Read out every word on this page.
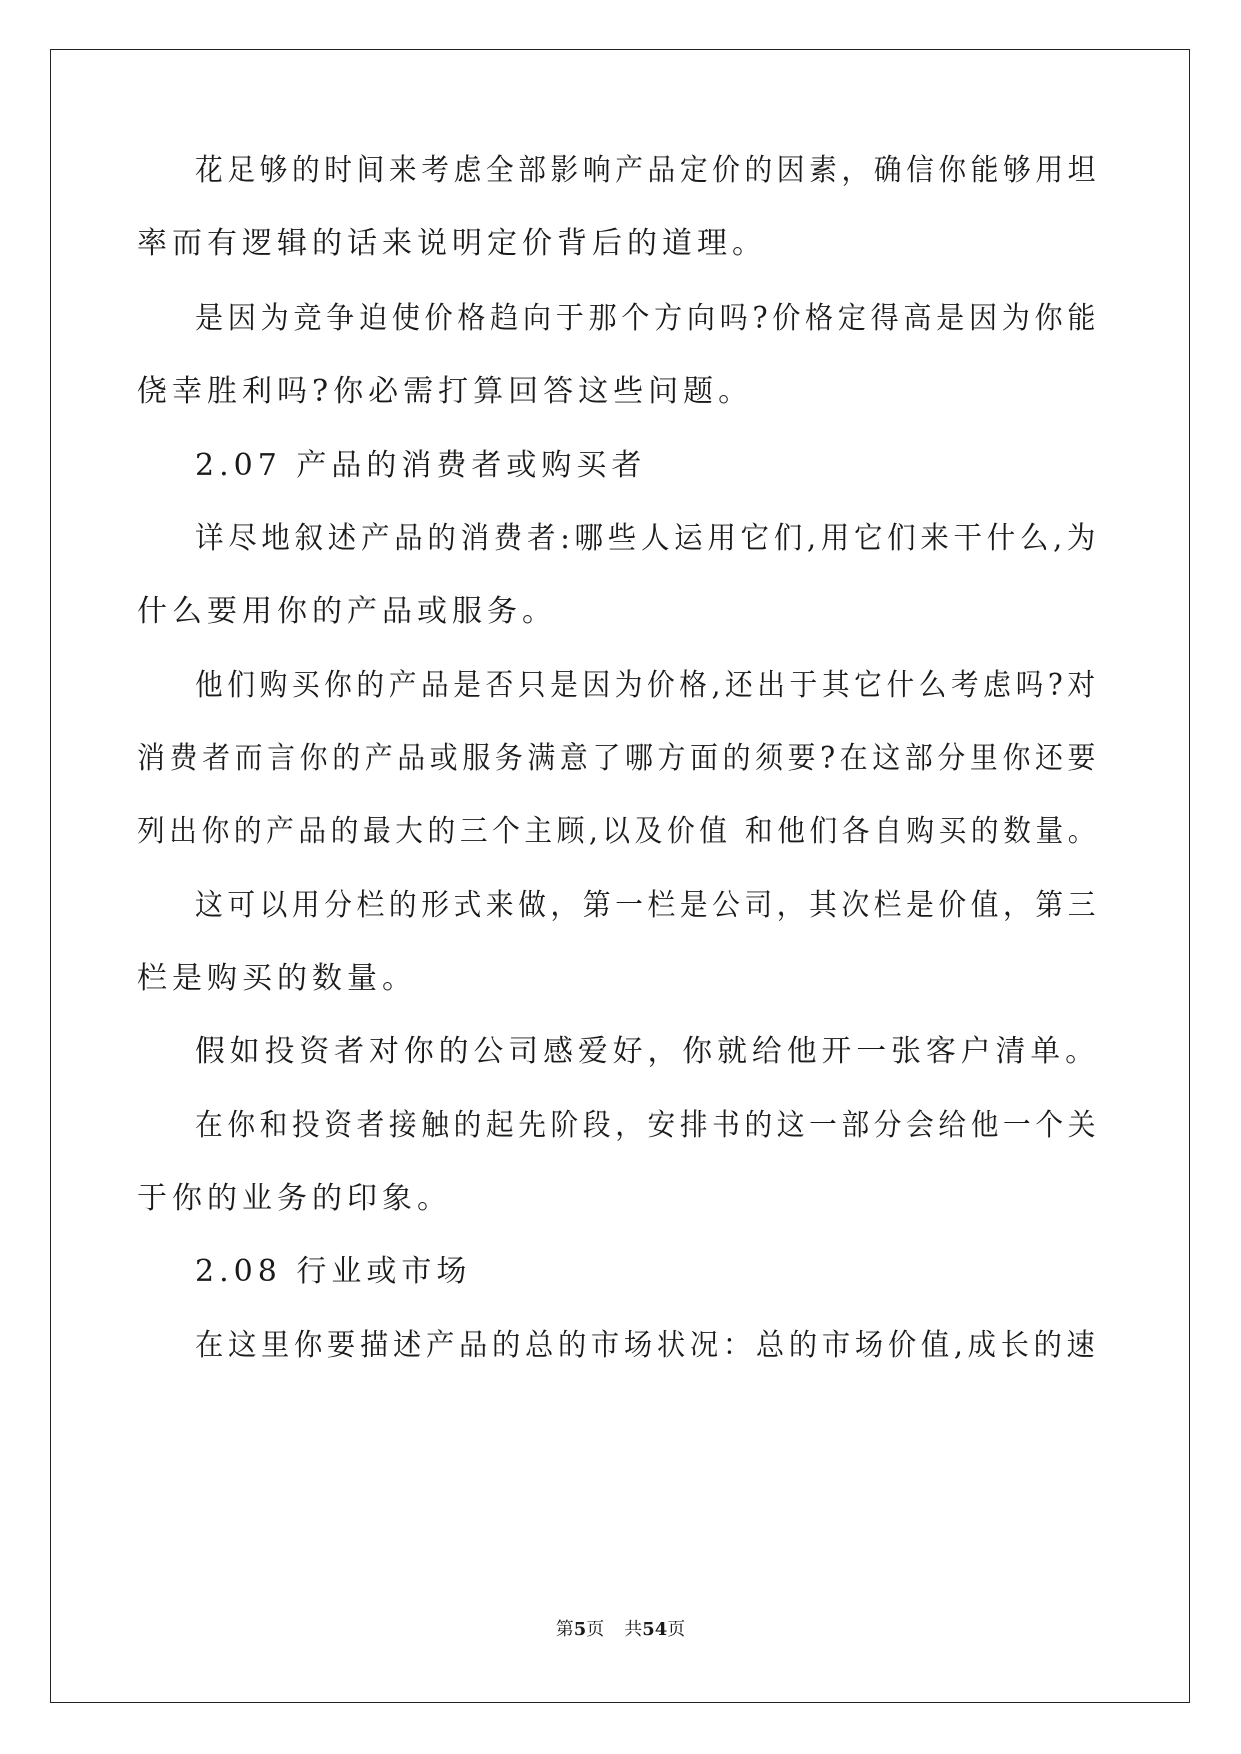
花足够的时间来考虑全部影响产品定价的因素，确信你能够用坦
率而有逻辑的话来说明定价背后的道理。
是因为竞争迫使价格趋向于那个方向吗?价格定得高是因为你能
侥幸胜利吗?你必需打算回答这些问题。
2.07 产品的消费者或购买者
详尽地叙述产品的消费者:哪些人运用它们,用它们来干什么,为
什么要用你的产品或服务。
他们购买你的产品是否只是因为价格,还出于其它什么考虑吗?对
消费者而言你的产品或服务满意了哪方面的须要?在这部分里你还要
列出你的产品的最大的三个主顾,以及价值 和他们各自购买的数量。
这可以用分栏的形式来做，第一栏是公司，其次栏是价值，第三
栏是购买的数量。
假如投资者对你的公司感爱好，你就给他开一张客户清单。
在你和投资者接触的起先阶段，安排书的这一部分会给他一个关
于你的业务的印象。
2.08 行业或市场
在这里你要描述产品的总的市场状况：总的市场价值,成长的速
第5页 共54页
